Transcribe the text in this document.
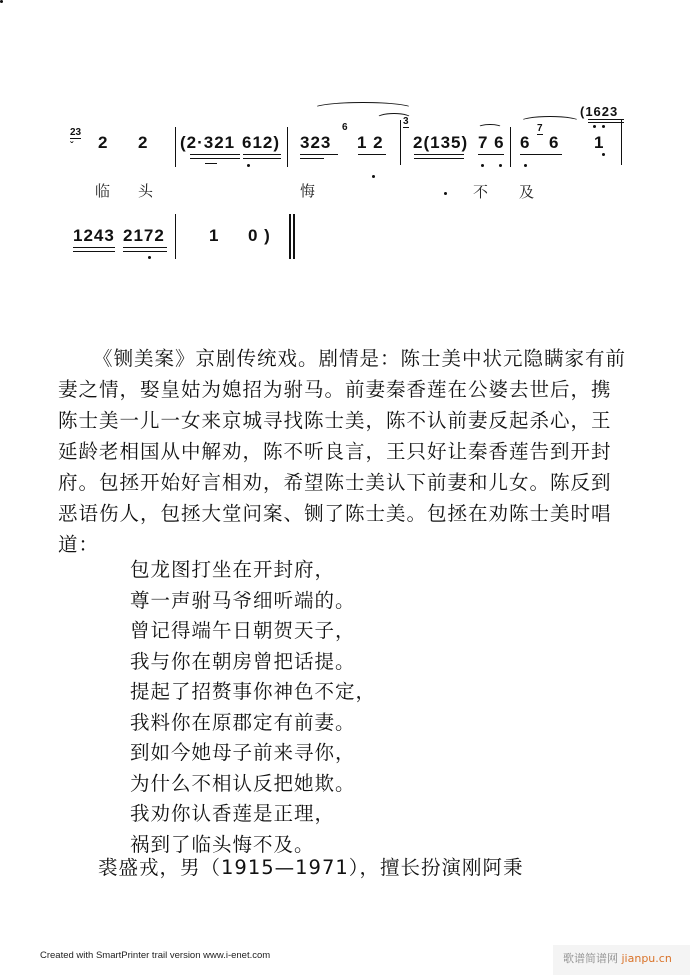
23
ˇ 2 2 (2·321 612) 323
6
1 2
3
2(135) 7 6 6
7
6
(1623
1
临 头	悔	不 及
1243 2172	1 0 )

《铡美案》京剧传统戏。剧情是：陈士美中状元隐瞒家有前

妻之情，娶皇姑为媳招为驸马。前妻秦香莲在公婆去世后，携

陈士美一儿一女来京城寻找陈士美，陈不认前妻反起杀心，王

延龄老相国从中解劝，陈不听良言，王只好让秦香莲告到开封

府。包拯开始好言相劝，希望陈士美认下前妻和儿女。陈反到

恶语伤人，包拯大堂问案、铡了陈士美。包拯在劝陈士美时唱

道：

包龙图打坐在开封府，
尊一声驸马爷细听端的。
曾记得端午日朝贺天子，
我与你在朝房曾把话提。
提起了招赘事你神色不定，
我料你在原郡定有前妻。
到如今她母子前来寻你，
为什么不相认反把她欺。
我劝你认香莲是正理，
祸到了临头悔不及。
裘盛戎，男（1915—1971），擅长扮演刚阿秉
Created with SmartPrinter trail version www.i-enet.com	歌谱简谱网 jianpu.cn
